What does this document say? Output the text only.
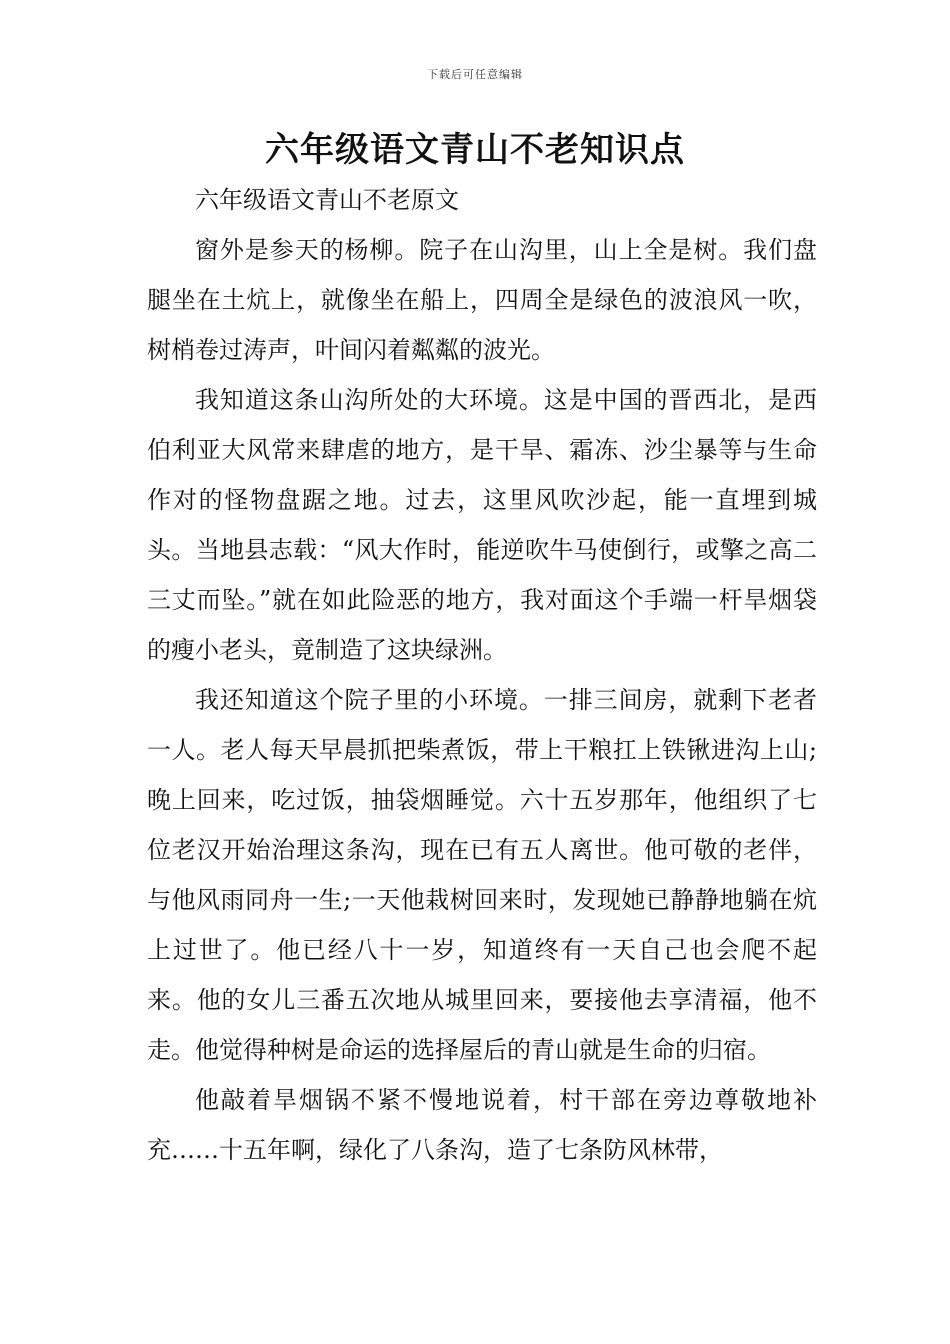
下载后可任意编辑
六年级语文青山不老知识点

六年级语文青山不老原文

窗外是参天的杨柳。院子在山沟里，山上全是树。我们盘腿坐在土炕上，就像坐在船上，四周全是绿色的波浪风一吹，树梢卷过涛声，叶间闪着粼粼的波光。

我知道这条山沟所处的大环境。这是中国的晋西北，是西伯利亚大风常来肆虐的地方，是干旱、霜冻、沙尘暴等与生命作对的怪物盘踞之地。过去，这里风吹沙起，能一直埋到城头。当地县志载：“风大作时，能逆吹牛马使倒行，或擎之高二三丈而坠。”就在如此险恶的地方，我对面这个手端一杆旱烟袋的瘦小老头，竟制造了这块绿洲。

我还知道这个院子里的小环境。一排三间房，就剩下老者一人。老人每天早晨抓把柴煮饭，带上干粮扛上铁锹进沟上山;晚上回来，吃过饭，抽袋烟睡觉。六十五岁那年，他组织了七位老汉开始治理这条沟，现在已有五人离世。他可敬的老伴，与他风雨同舟一生;一天他栽树回来时，发现她已静静地躺在炕上过世了。他已经八十一岁，知道终有一天自己也会爬不起来。他的女儿三番五次地从城里回来，要接他去享清福，他不走。他觉得种树是命运的选择屋后的青山就是生命的归宿。

他敲着旱烟锅不紧不慢地说着，村干部在旁边尊敬地补充……十五年啊，绿化了八条沟，造了七条防风林带，
